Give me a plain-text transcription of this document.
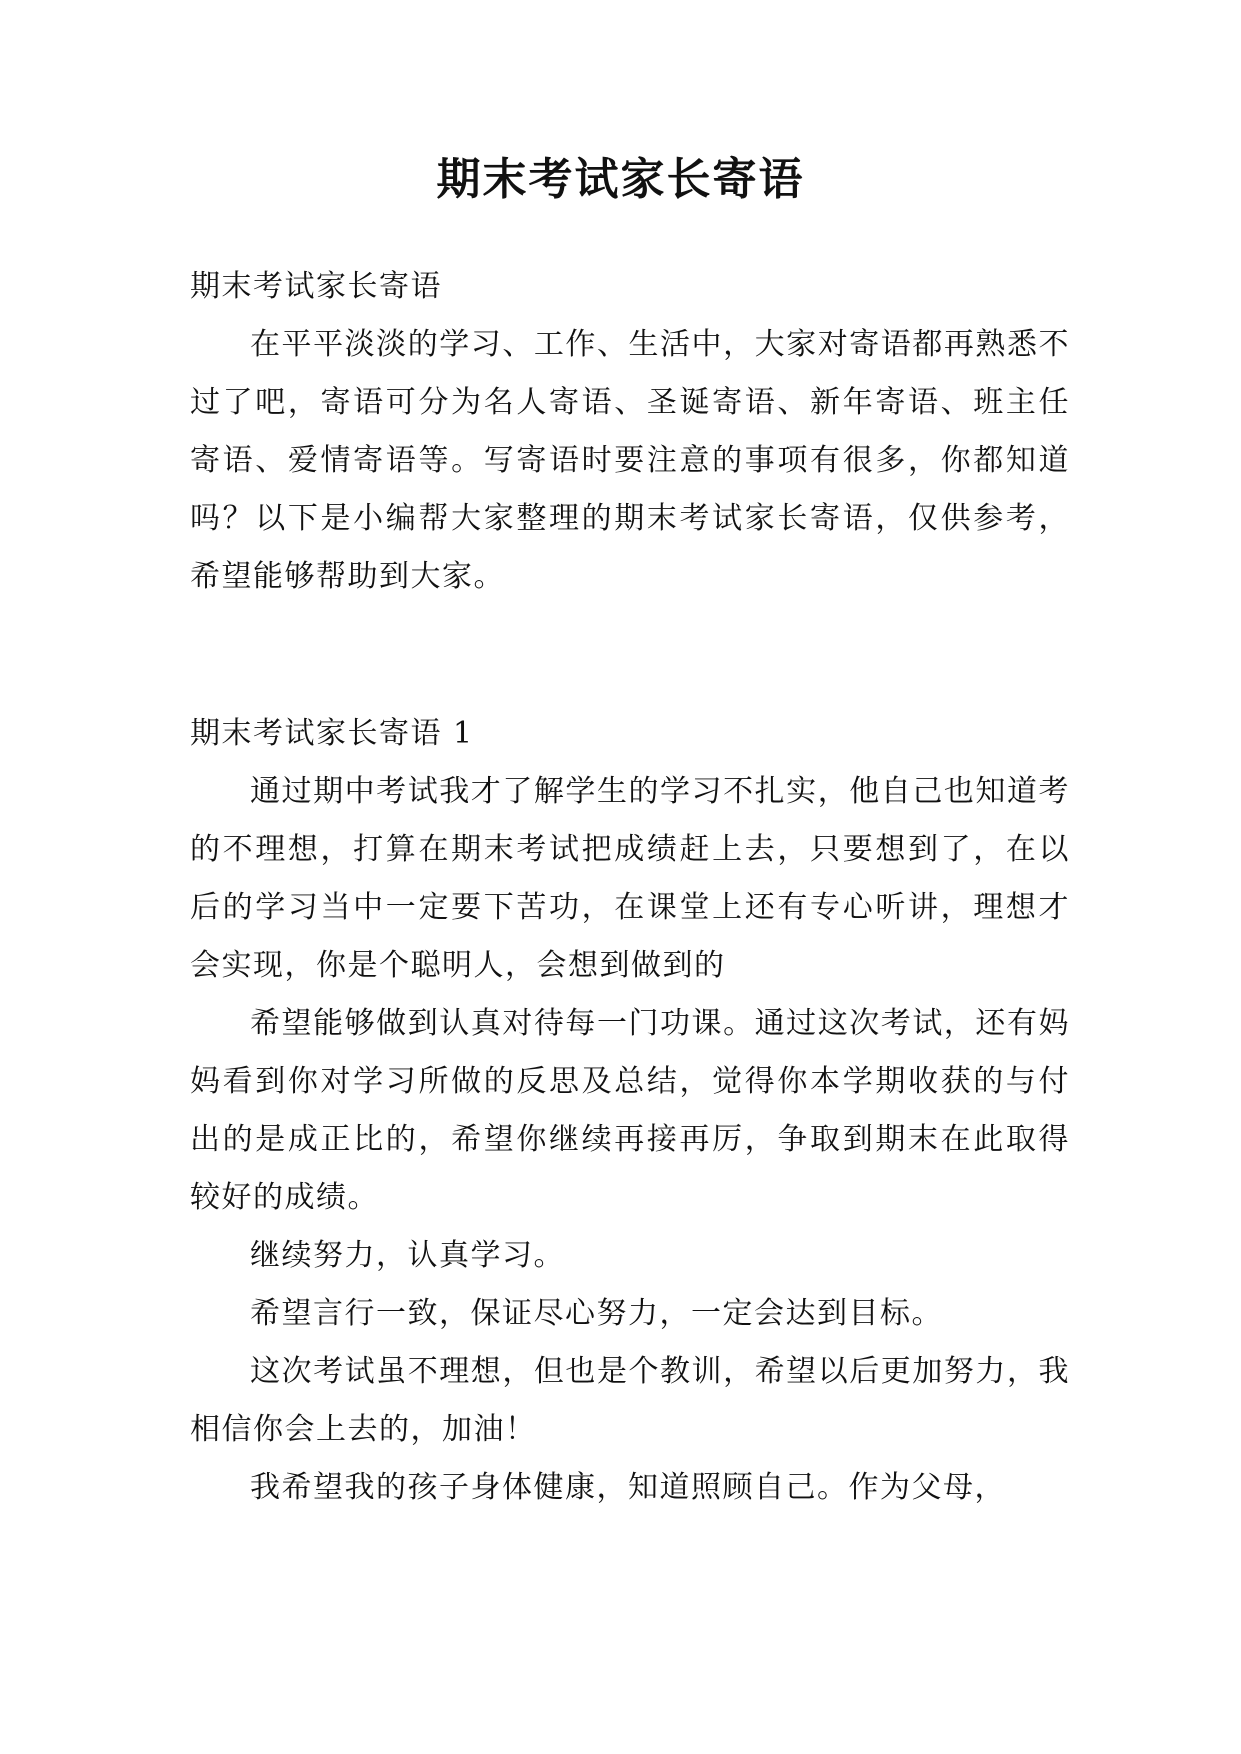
期末考试家长寄语

期末考试家长寄语

在平平淡淡的学习、工作、生活中，大家对寄语都再熟悉不过了吧，寄语可分为名人寄语、圣诞寄语、新年寄语、班主任寄语、爱情寄语等。写寄语时要注意的事项有很多，你都知道吗？以下是小编帮大家整理的期末考试家长寄语，仅供参考，希望能够帮助到大家。

期末考试家长寄语 1

通过期中考试我才了解学生的学习不扎实，他自己也知道考的不理想，打算在期末考试把成绩赶上去，只要想到了，在以后的学习当中一定要下苦功，在课堂上还有专心听讲，理想才会实现，你是个聪明人，会想到做到的

希望能够做到认真对待每一门功课。通过这次考试，还有妈妈看到你对学习所做的反思及总结，觉得你本学期收获的与付出的是成正比的，希望你继续再接再厉，争取到期末在此取得较好的成绩。

继续努力，认真学习。

希望言行一致，保证尽心努力，一定会达到目标。

这次考试虽不理想，但也是个教训，希望以后更加努力，我相信你会上去的，加油！

我希望我的孩子身体健康，知道照顾自己。作为父母，
